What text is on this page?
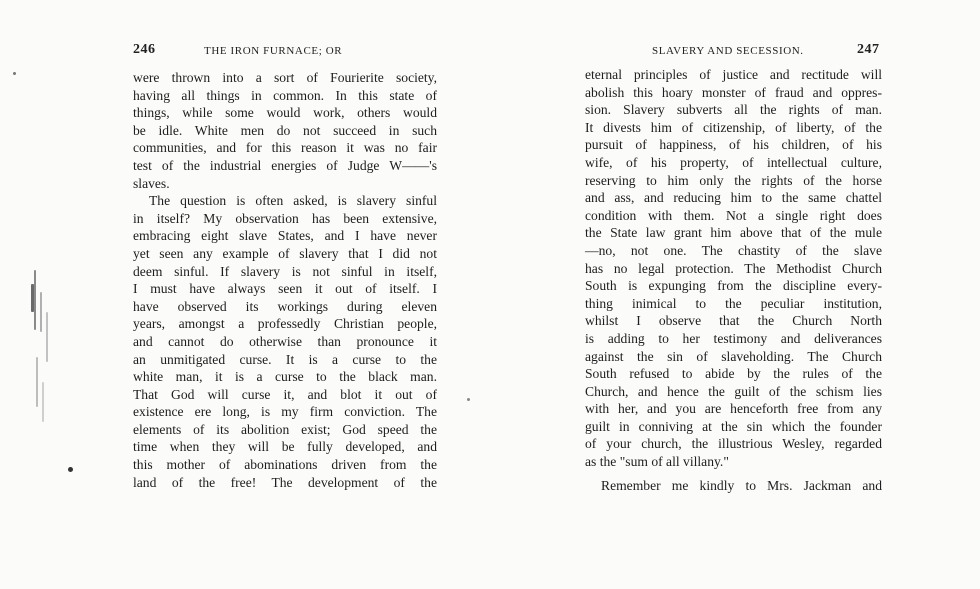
246	THE IRON FURNACE; OR
were thrown into a sort of Fourierite society,
having all things in common. In this state of
things, while some would work, others would
be idle. White men do not succeed in such
communities, and for this reason it was no fair
test of the industrial energies of Judge W——'s
slaves.
The question is often asked, is slavery sinful
in itself? My observation has been extensive,
embracing eight slave States, and I have never
yet seen any example of slavery that I did not
deem sinful. If slavery is not sinful in itself,
I must have always seen it out of itself. I
have observed its workings during eleven
years, amongst a professedly Christian people,
and cannot do otherwise than pronounce it
an unmitigated curse. It is a curse to the
white man, it is a curse to the black man.
That God will curse it, and blot it out of
existence ere long, is my firm conviction. The
elements of its abolition exist; God speed the
time when they will be fully developed, and
this mother of abominations driven from the
land of the free! The development of the
SLAVERY AND SECESSION.	247
eternal principles of justice and rectitude will
abolish this hoary monster of fraud and oppres-
sion. Slavery subverts all the rights of man.
It divests him of citizenship, of liberty, of the
pursuit of happiness, of his children, of his
wife, of his property, of intellectual culture,
reserving to him only the rights of the horse
and ass, and reducing him to the same chattel
condition with them. Not a single right does
the State law grant him above that of the mule
—no, not one. The chastity of the slave
has no legal protection. The Methodist Church
South is expunging from the discipline every-
thing inimical to the peculiar institution,
whilst I observe that the Church North
is adding to her testimony and deliverances
against the sin of slaveholding. The Church
South refused to abide by the rules of the
Church, and hence the guilt of the schism lies
with her, and you are henceforth free from any
guilt in conniving at the sin which the founder
of your church, the illustrious Wesley, regarded
as the "sum of all villany."
Remember me kindly to Mrs. Jackman and
